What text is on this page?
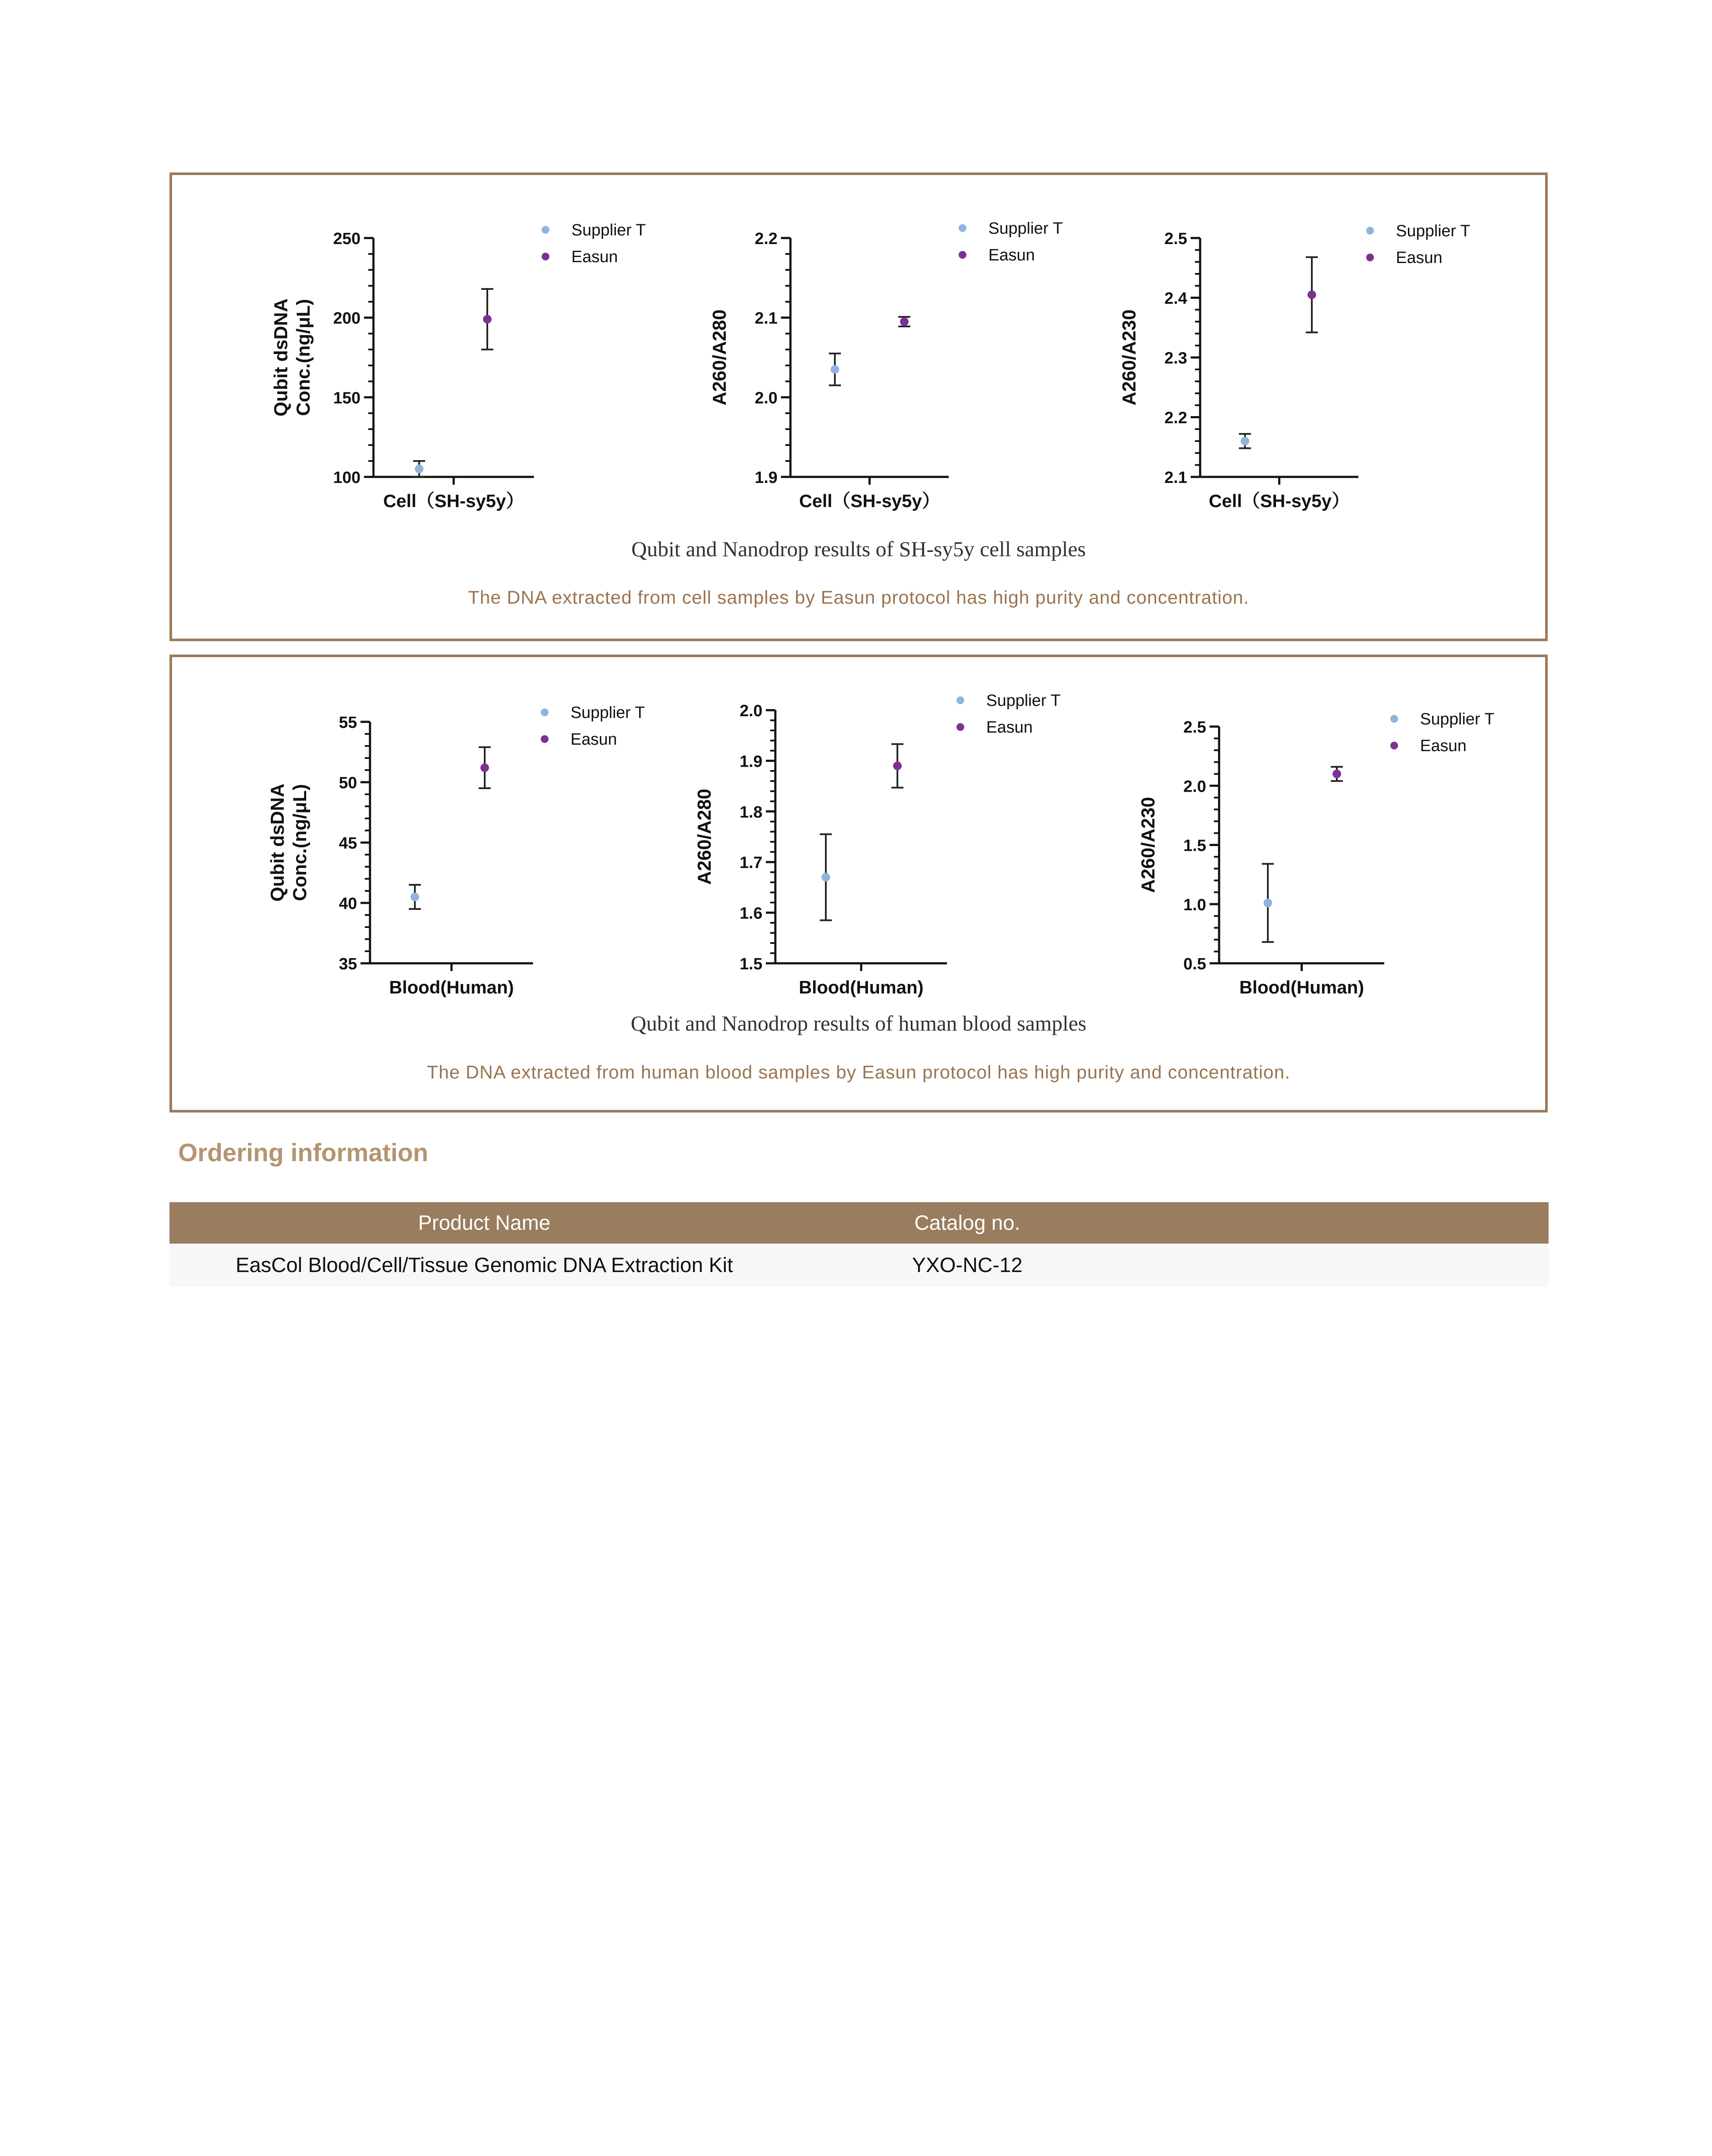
Qubit and Nanodrop results of SH-sy5y cell samples
The DNA extracted from cell samples by Easun protocol has high purity and concentration.
Qubit and Nanodrop results of human blood samples
The DNA extracted from human blood samples by Easun protocol has high purity and concentration.
100
150
200
250
Qubit dsDNA Conc.(ng/μL)
Cell（SH-sy5y）
Supplier T
Easun
1.9
2.0
2.1
2.2
A260/A280
Cell（SH-sy5y）
Supplier T
Easun
2.1
2.2
2.3
2.4
2.5
A260/A230
Cell（SH-sy5y）
Supplier T
Easun
35
40
45
50
55
Qubit dsDNA Conc.(ng/μL)
Blood(Human)
Supplier T
Easun
1.5
1.6
1.7
1.8
1.9
2.0
A260/A280
Blood(Human)
Supplier T
Easun
0.5
1.0
1.5
2.0
2.5
A260/A230
Blood(Human)
Supplier T
Easun
Ordering information
Product Name	Catalog no.
EasCol Blood/Cell/Tissue Genomic DNA Extraction Kit	YXO-NC-12
